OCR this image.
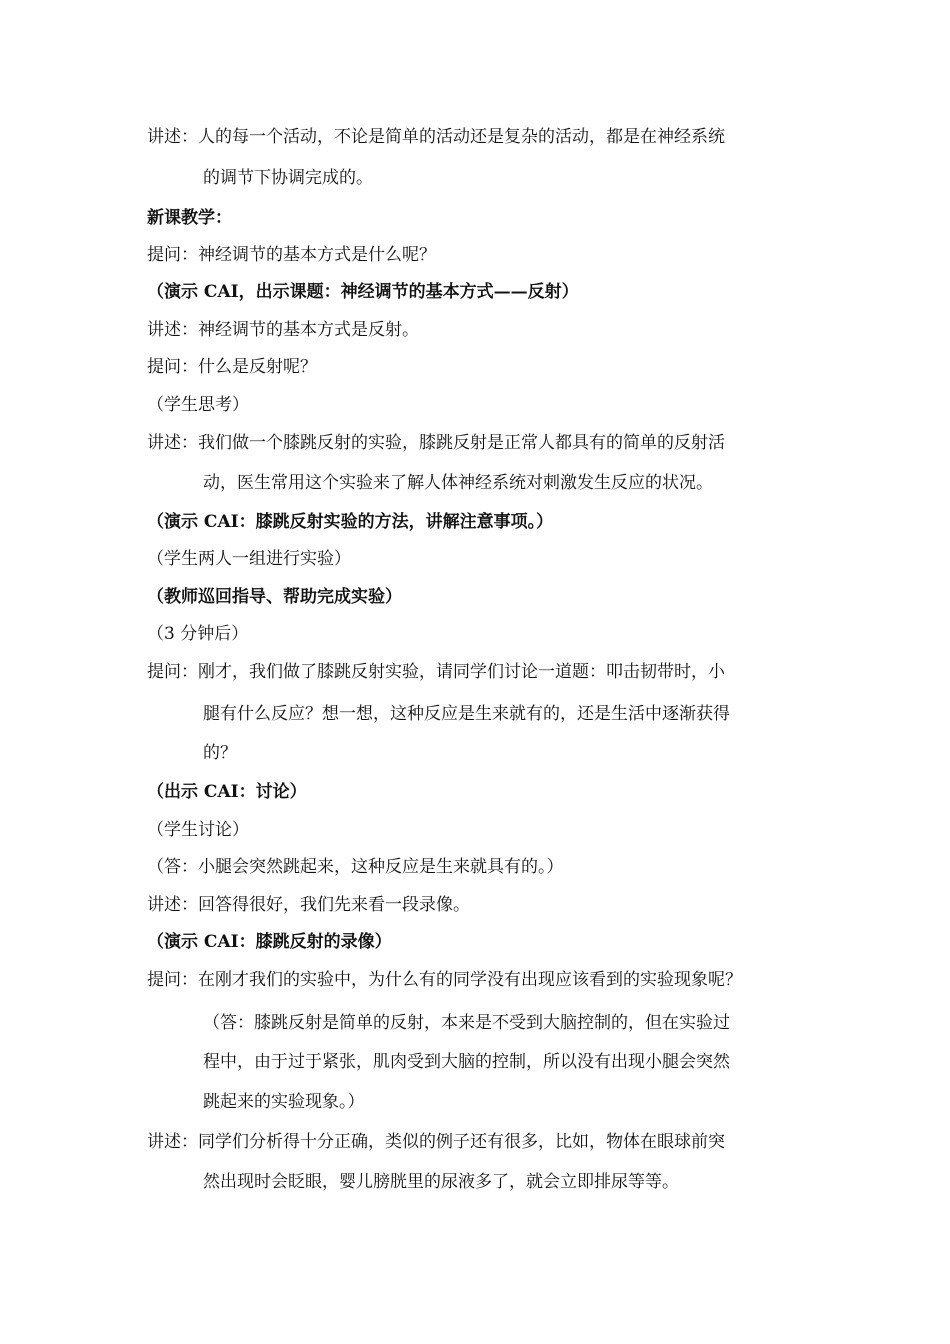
讲述：人的每一个活动，不论是简单的活动还是复杂的活动，都是在神经系统
的调节下协调完成的。
新课教学：
提问：神经调节的基本方式是什么呢？
（演示 CAI，出示课题：神经调节的基本方式——反射）
讲述：神经调节的基本方式是反射。
提问：什么是反射呢？
（学生思考）
讲述：我们做一个膝跳反射的实验，膝跳反射是正常人都具有的简单的反射活
动，医生常用这个实验来了解人体神经系统对刺激发生反应的状况。
（演示 CAI：膝跳反射实验的方法，讲解注意事项。）
（学生两人一组进行实验）
（教师巡回指导、帮助完成实验）
（3 分钟后）
提问：刚才，我们做了膝跳反射实验，请同学们讨论一道题：叩击韧带时，小
腿有什么反应？想一想，这种反应是生来就有的，还是生活中逐渐获得
的？
（出示 CAI：讨论）
（学生讨论）
（答：小腿会突然跳起来，这种反应是生来就具有的。）
讲述：回答得很好，我们先来看一段录像。
（演示 CAI：膝跳反射的录像）
提问：在刚才我们的实验中，为什么有的同学没有出现应该看到的实验现象呢？
（答：膝跳反射是简单的反射，本来是不受到大脑控制的，但在实验过
程中，由于过于紧张，肌肉受到大脑的控制，所以没有出现小腿会突然
跳起来的实验现象。）
讲述：同学们分析得十分正确，类似的例子还有很多，比如，物体在眼球前突
然出现时会眨眼，婴儿膀胱里的尿液多了，就会立即排尿等等。
